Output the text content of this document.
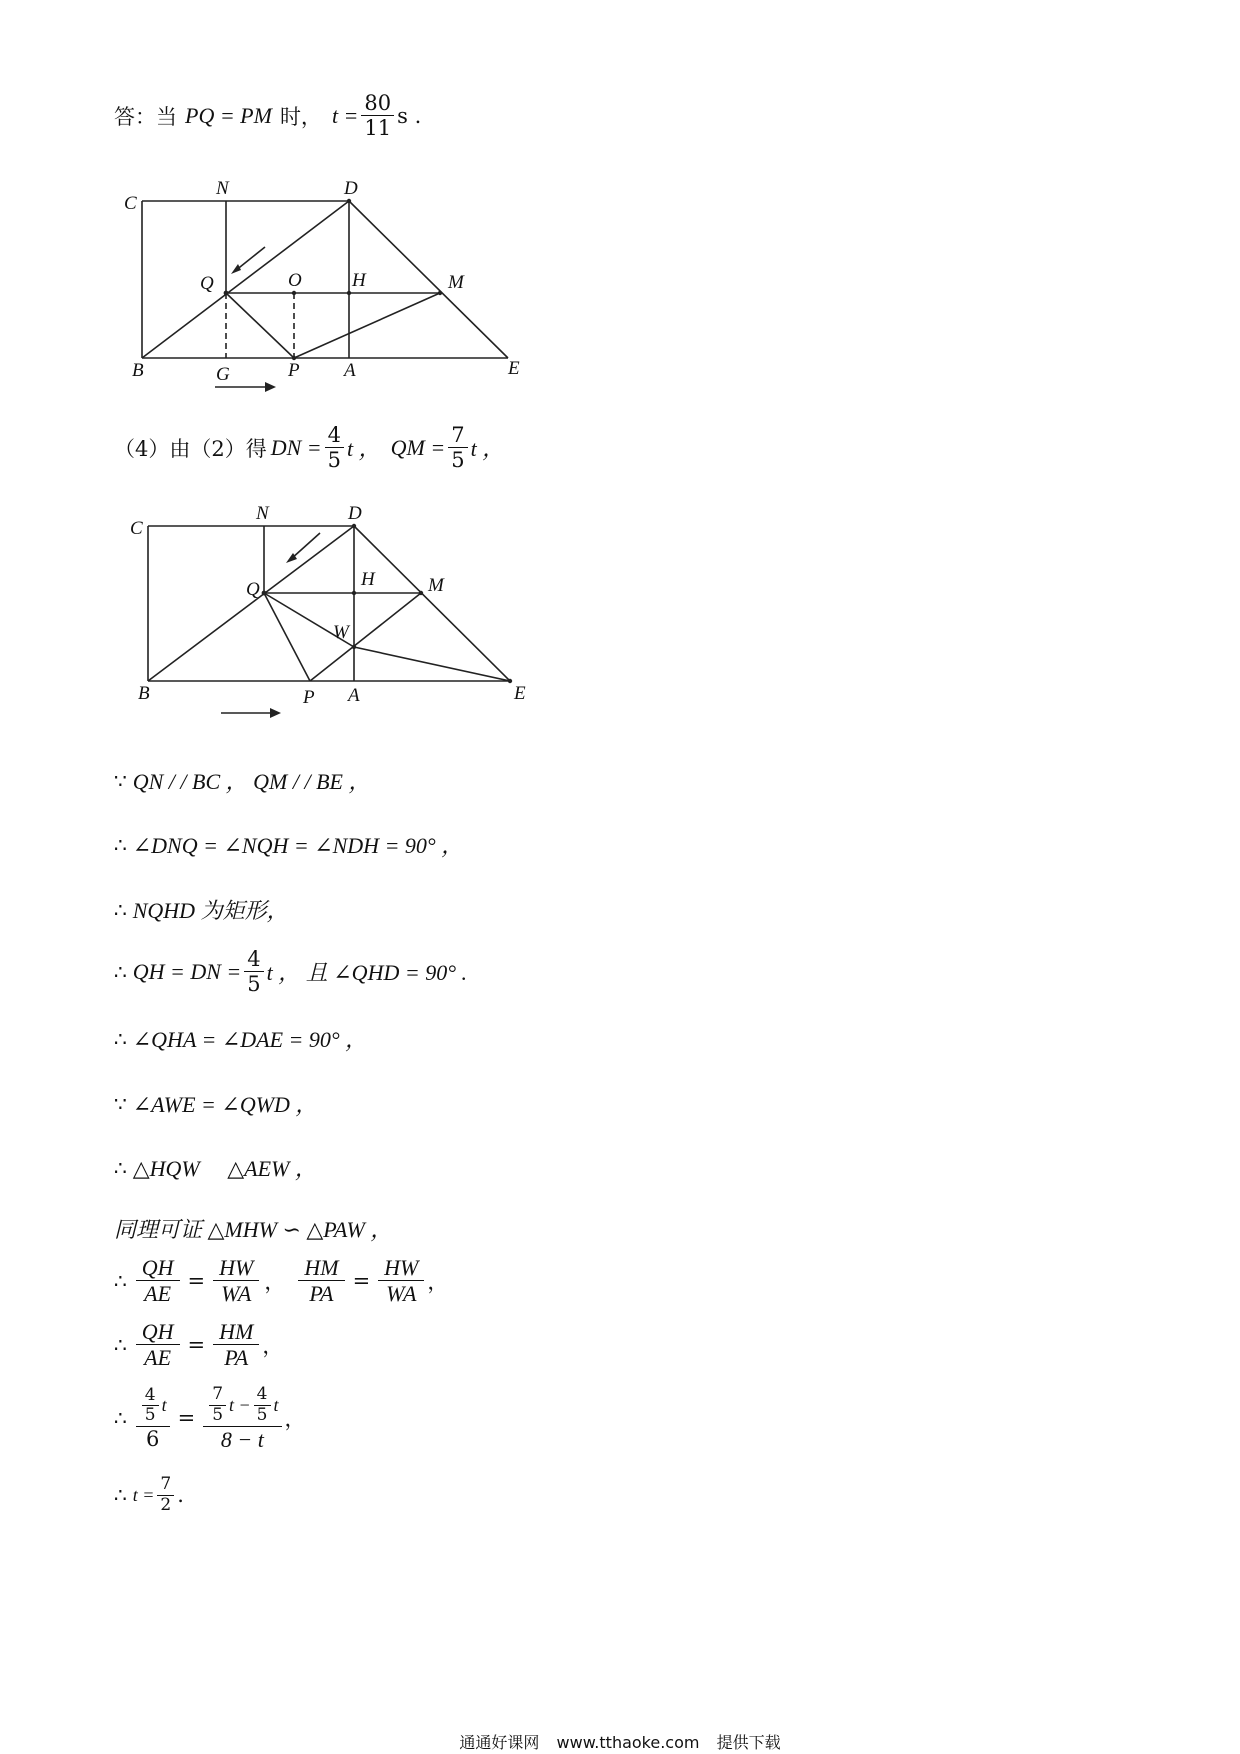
答：当 PQ = PM 时， $t = \frac{80}{11}$ s .
C
N	D
Q	O	H	M
B	G	P A	E
（4）由（2）得 DN = $\frac{4}{5}$ t ， QM = $\frac{7}{5}$ t ，
C
N	D
Q	H	M
W
B	P A	E
∵ QN / / BC ， QM / / BE ，
∴ ∠DNQ = ∠NQH = ∠NDH = 90° ，
∴ NQHD 为矩形，
∴ QH = DN = $\frac{4}{5}$ t ， 且 ∠QHD = 90° .
∴ ∠QHA = ∠DAE = 90° ，
∵ ∠AWE = ∠QWD ，
∴ △HQW     △AEW ，
同理可证 △MHW ∽ △PAW ，
∴ $\frac{QH}{AE} = \frac{HW}{WA}$ ， $\frac{HM}{PA} = \frac{HW}{WA}$ ，
∴ $\frac{QH}{AE} = \frac{HM}{PA}$ ，
∴ $\frac{\frac{4}{5} t}{6} = \frac{7}{5}$ $t - \frac{4}{5}$ t
8 − t
，
∴ $t = \frac{7}{2}$ .
通通好课网 www.tthaoke.com 提供下载
